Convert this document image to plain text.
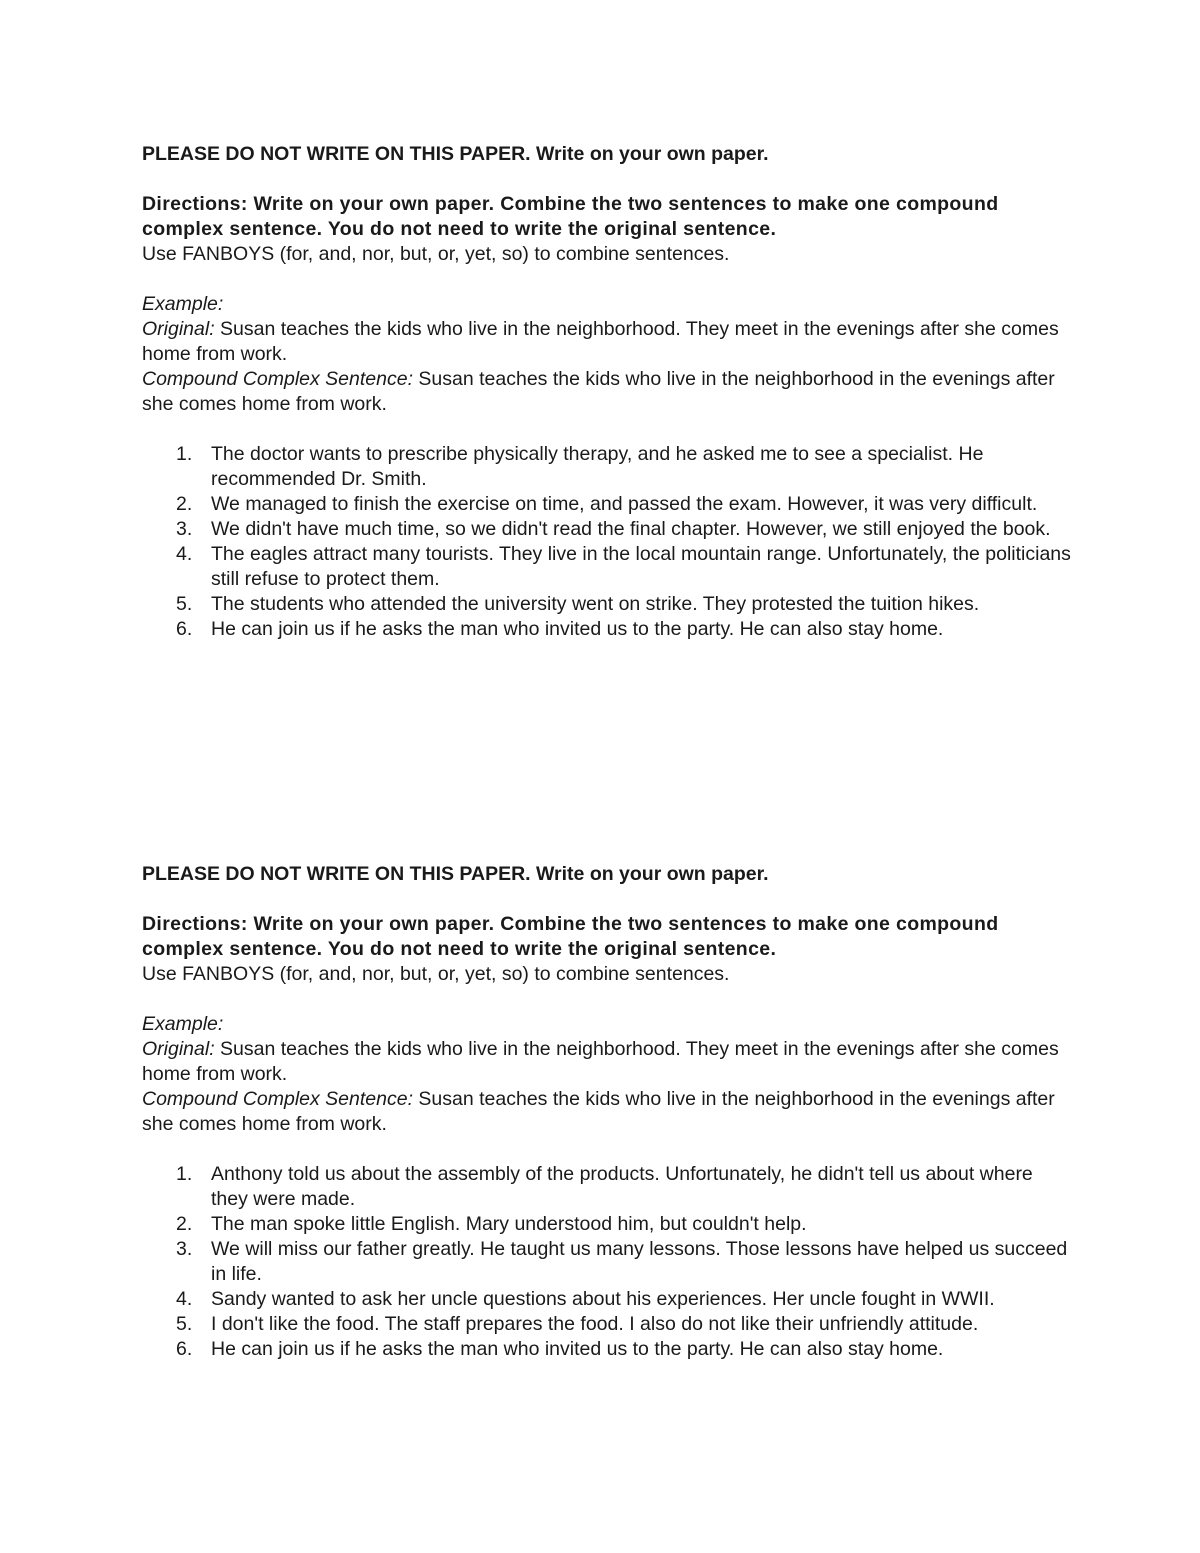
PLEASE DO NOT WRITE ON THIS PAPER. Write on your own paper.

Directions: Write on your own paper. Combine the two sentences to make one compound complex sentence. You do not need to write the original sentence.

Use FANBOYS (for, and, nor, but, or, yet, so) to combine sentences.

Example:

Original: Susan teaches the kids who live in the neighborhood. They meet in the evenings after she comes home from work.

Compound Complex Sentence: Susan teaches the kids who live in the neighborhood in the evenings after she comes home from work.

1. The doctor wants to prescribe physically therapy, and he asked me to see a specialist. He recommended Dr. Smith.
2. We managed to finish the exercise on time, and passed the exam. However, it was very difficult.
3. We didn't have much time, so we didn't read the final chapter. However, we still enjoyed the book.
4. The eagles attract many tourists. They live in the local mountain range. Unfortunately, the politicians still refuse to protect them.
5. The students who attended the university went on strike. They protested the tuition hikes.
6. He can join us if he asks the man who invited us to the party. He can also stay home.

PLEASE DO NOT WRITE ON THIS PAPER. Write on your own paper.

Directions: Write on your own paper. Combine the two sentences to make one compound complex sentence. You do not need to write the original sentence.

Use FANBOYS (for, and, nor, but, or, yet, so) to combine sentences.

Example:

Original: Susan teaches the kids who live in the neighborhood. They meet in the evenings after she comes home from work.

Compound Complex Sentence: Susan teaches the kids who live in the neighborhood in the evenings after she comes home from work.

1. Anthony told us about the assembly of the products. Unfortunately, he didn't tell us about where they were made.
2. The man spoke little English. Mary understood him, but couldn't help.
3. We will miss our father greatly. He taught us many lessons. Those lessons have helped us succeed in life.
4. Sandy wanted to ask her uncle questions about his experiences. Her uncle fought in WWII.
5. I don't like the food. The staff prepares the food. I also do not like their unfriendly attitude.
6. He can join us if he asks the man who invited us to the party. He can also stay home.
